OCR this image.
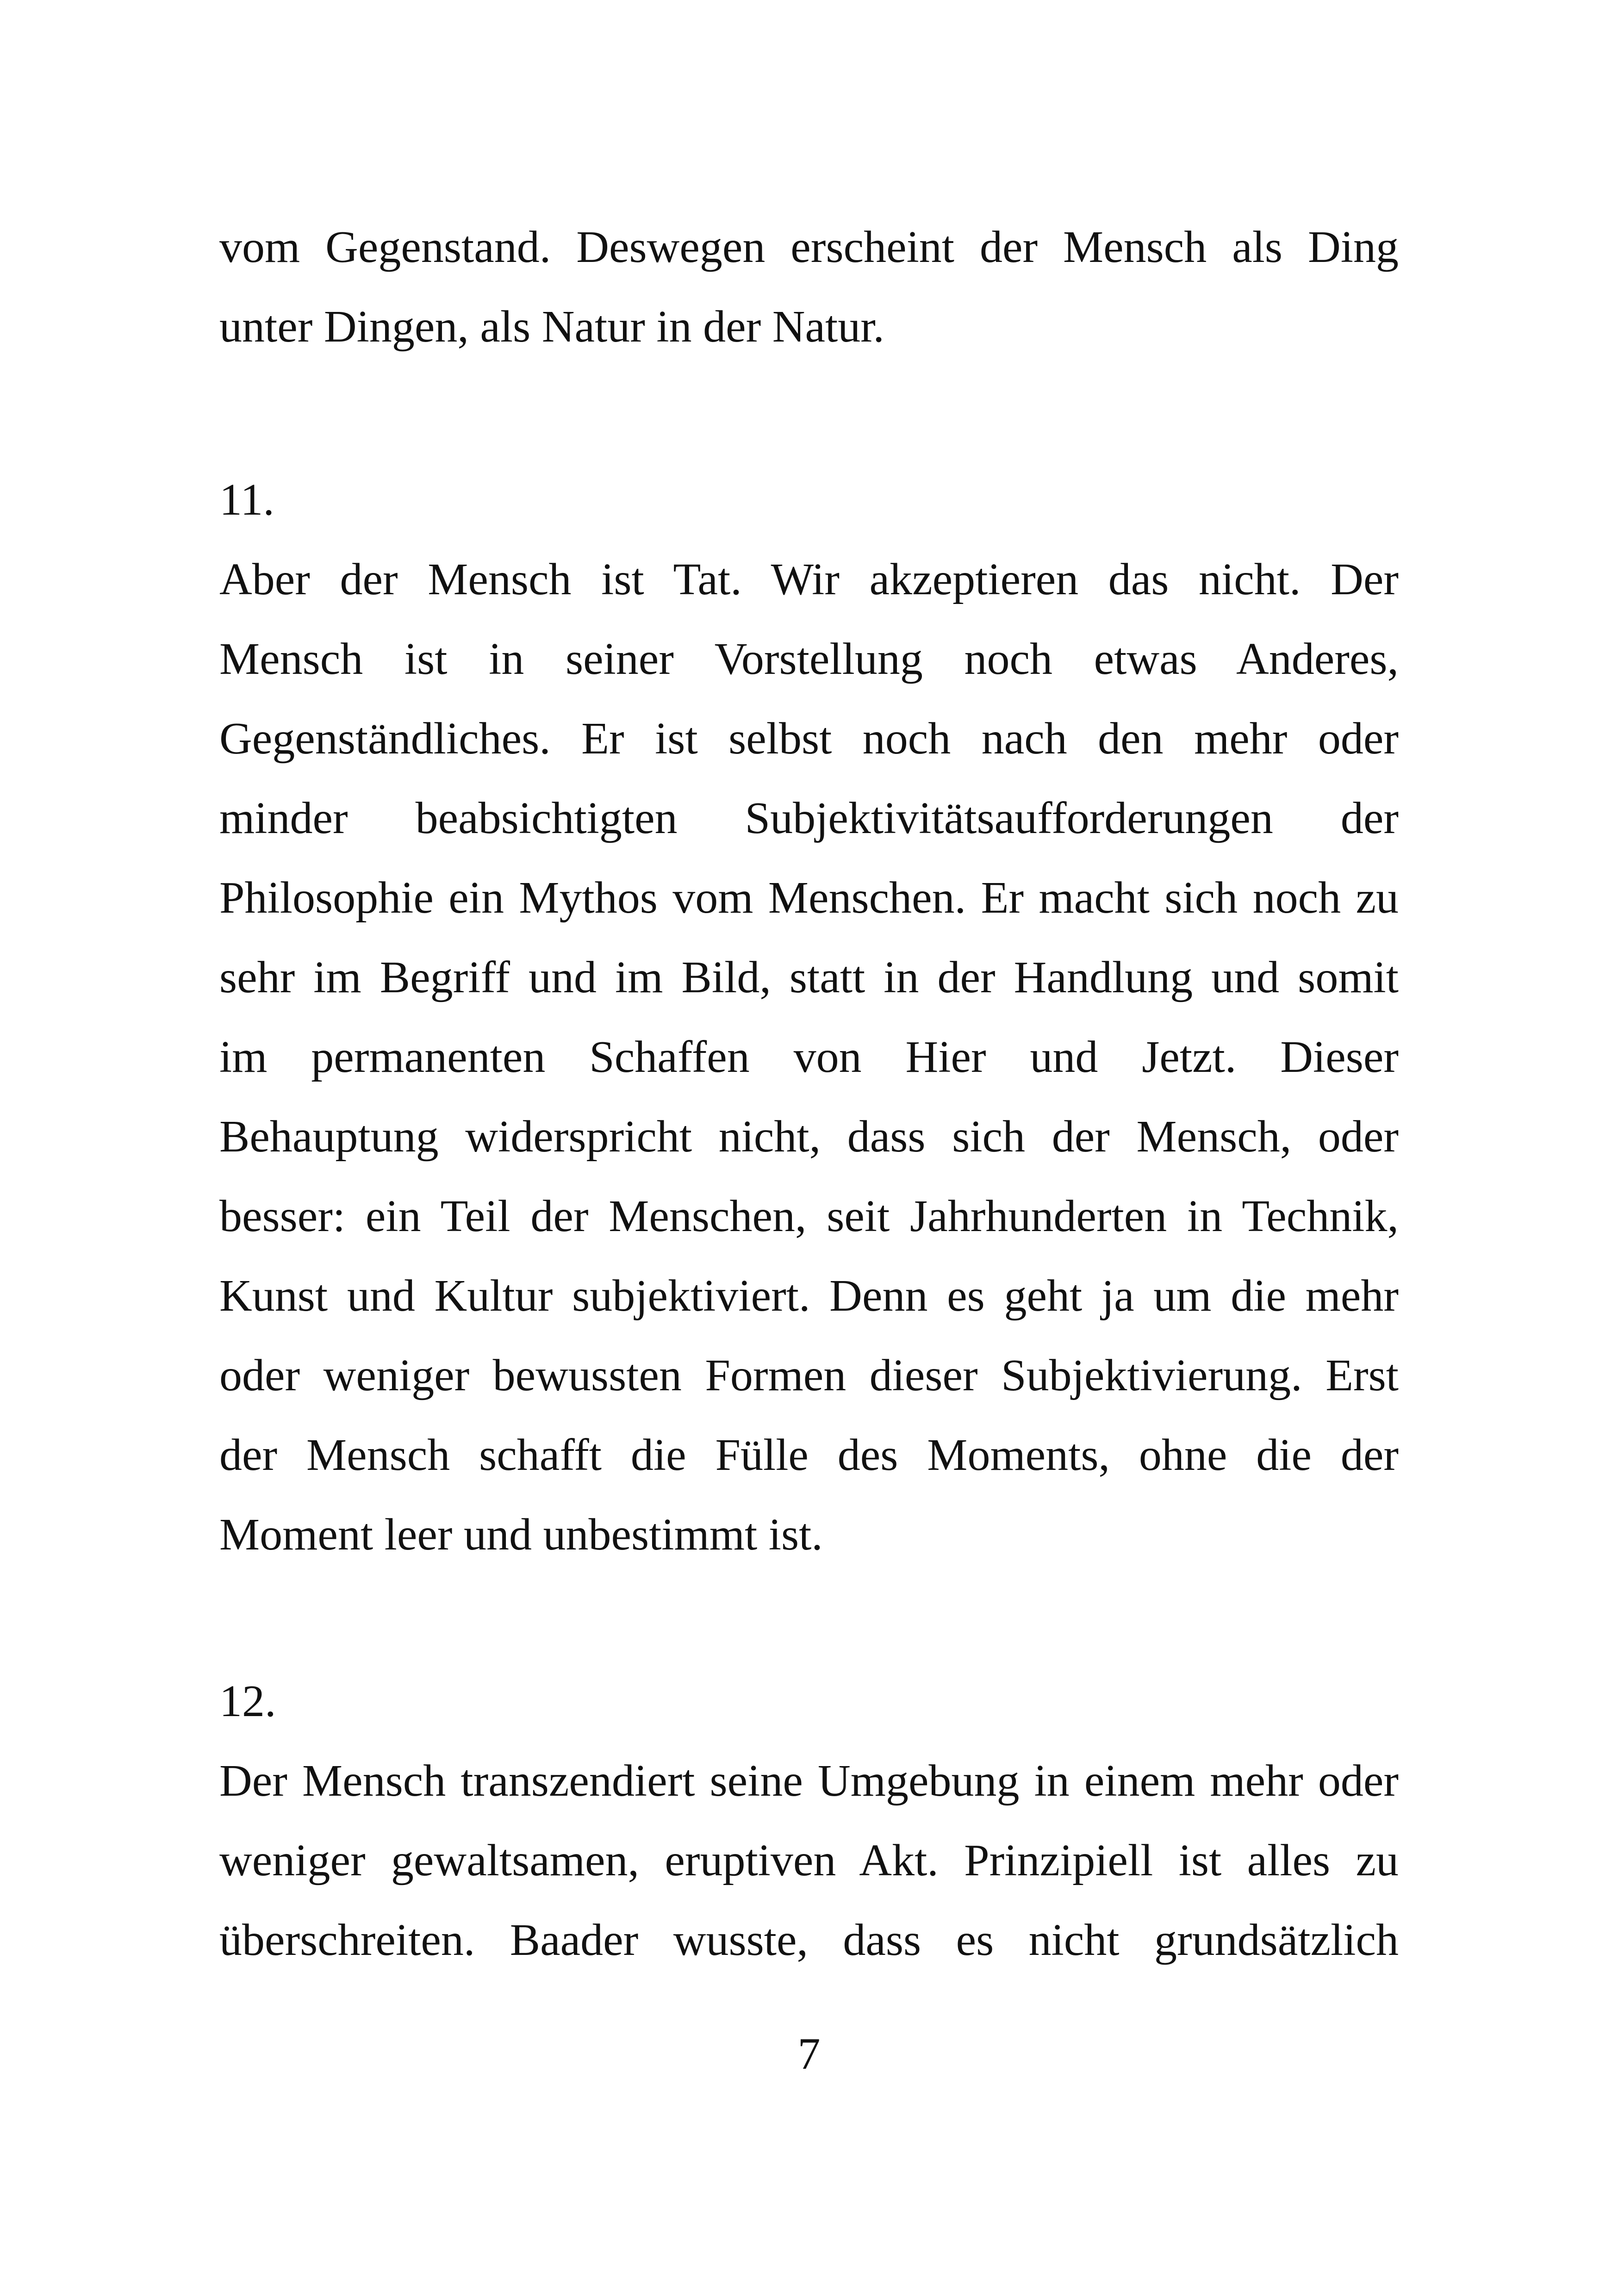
vom Gegenstand. Deswegen erscheint der Mensch als Ding
unter Dingen, als Natur in der Natur.
11.
Aber der Mensch ist Tat. Wir akzeptieren das nicht. Der
Mensch ist in seiner Vorstellung noch etwas Anderes,
Gegenständliches. Er ist selbst noch nach den mehr oder
minder beabsichtigten Subjektivitätsaufforderungen der
Philosophie ein Mythos vom Menschen. Er macht sich noch zu
sehr im Begriff und im Bild, statt in der Handlung und somit
im permanenten Schaffen von Hier und Jetzt. Dieser
Behauptung widerspricht nicht, dass sich der Mensch, oder
besser: ein Teil der Menschen, seit Jahrhunderten in Technik,
Kunst und Kultur subjektiviert. Denn es geht ja um die mehr
oder weniger bewussten Formen dieser Subjektivierung. Erst
der Mensch schafft die Fülle des Moments, ohne die der
Moment leer und unbestimmt ist.
12.
Der Mensch transzendiert seine Umgebung in einem mehr oder
weniger gewaltsamen, eruptiven Akt. Prinzipiell ist alles zu
überschreiten. Baader wusste, dass es nicht grundsätzlich
7
